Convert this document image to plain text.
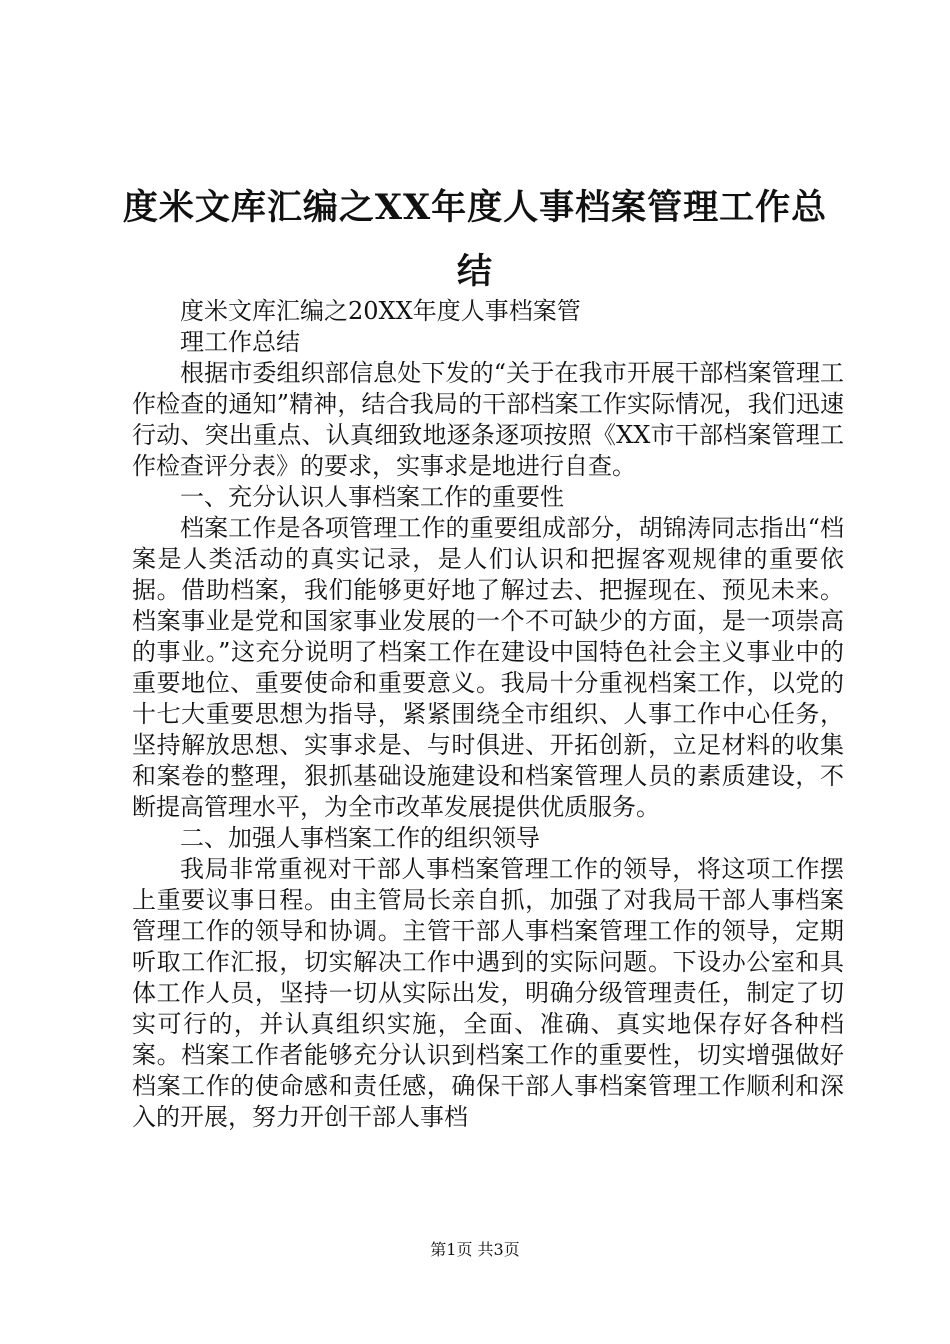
度米文库汇编之XX年度人事档案管理工作总结

度米文库汇编之20XX年度人事档案管

理工作总结

根据市委组织部信息处下发的“关于在我市开展干部档案管理工作检查的通知”精神，结合我局的干部档案工作实际情况，我们迅速行动、突出重点、认真细致地逐条逐项按照《XX市干部档案管理工作检查评分表》的要求，实事求是地进行自查。

一、充分认识人事档案工作的重要性

档案工作是各项管理工作的重要组成部分，胡锦涛同志指出“档案是人类活动的真实记录，是人们认识和把握客观规律的重要依据。借助档案，我们能够更好地了解过去、把握现在、预见未来。档案事业是党和国家事业发展的一个不可缺少的方面，是一项崇高的事业。”这充分说明了档案工作在建设中国特色社会主义事业中的重要地位、重要使命和重要意义。我局十分重视档案工作，以党的十七大重要思想为指导，紧紧围绕全市组织、人事工作中心任务，坚持解放思想、实事求是、与时俱进、开拓创新，立足材料的收集和案卷的整理，狠抓基础设施建设和档案管理人员的素质建设，不断提高管理水平，为全市改革发展提供优质服务。

二、加强人事档案工作的组织领导

我局非常重视对干部人事档案管理工作的领导，将这项工作摆上重要议事日程。由主管局长亲自抓，加强了对我局干部人事档案管理工作的领导和协调。主管干部人事档案管理工作的领导，定期听取工作汇报，切实解决工作中遇到的实际问题。下设办公室和具体工作人员，坚持一切从实际出发，明确分级管理责任，制定了切实可行的，并认真组织实施，全面、准确、真实地保存好各种档案。档案工作者能够充分认识到档案工作的重要性，切实增强做好档案工作的使命感和责任感，确保干部人事档案管理工作顺利和深入的开展，努力开创干部人事档

第1页 共3页
